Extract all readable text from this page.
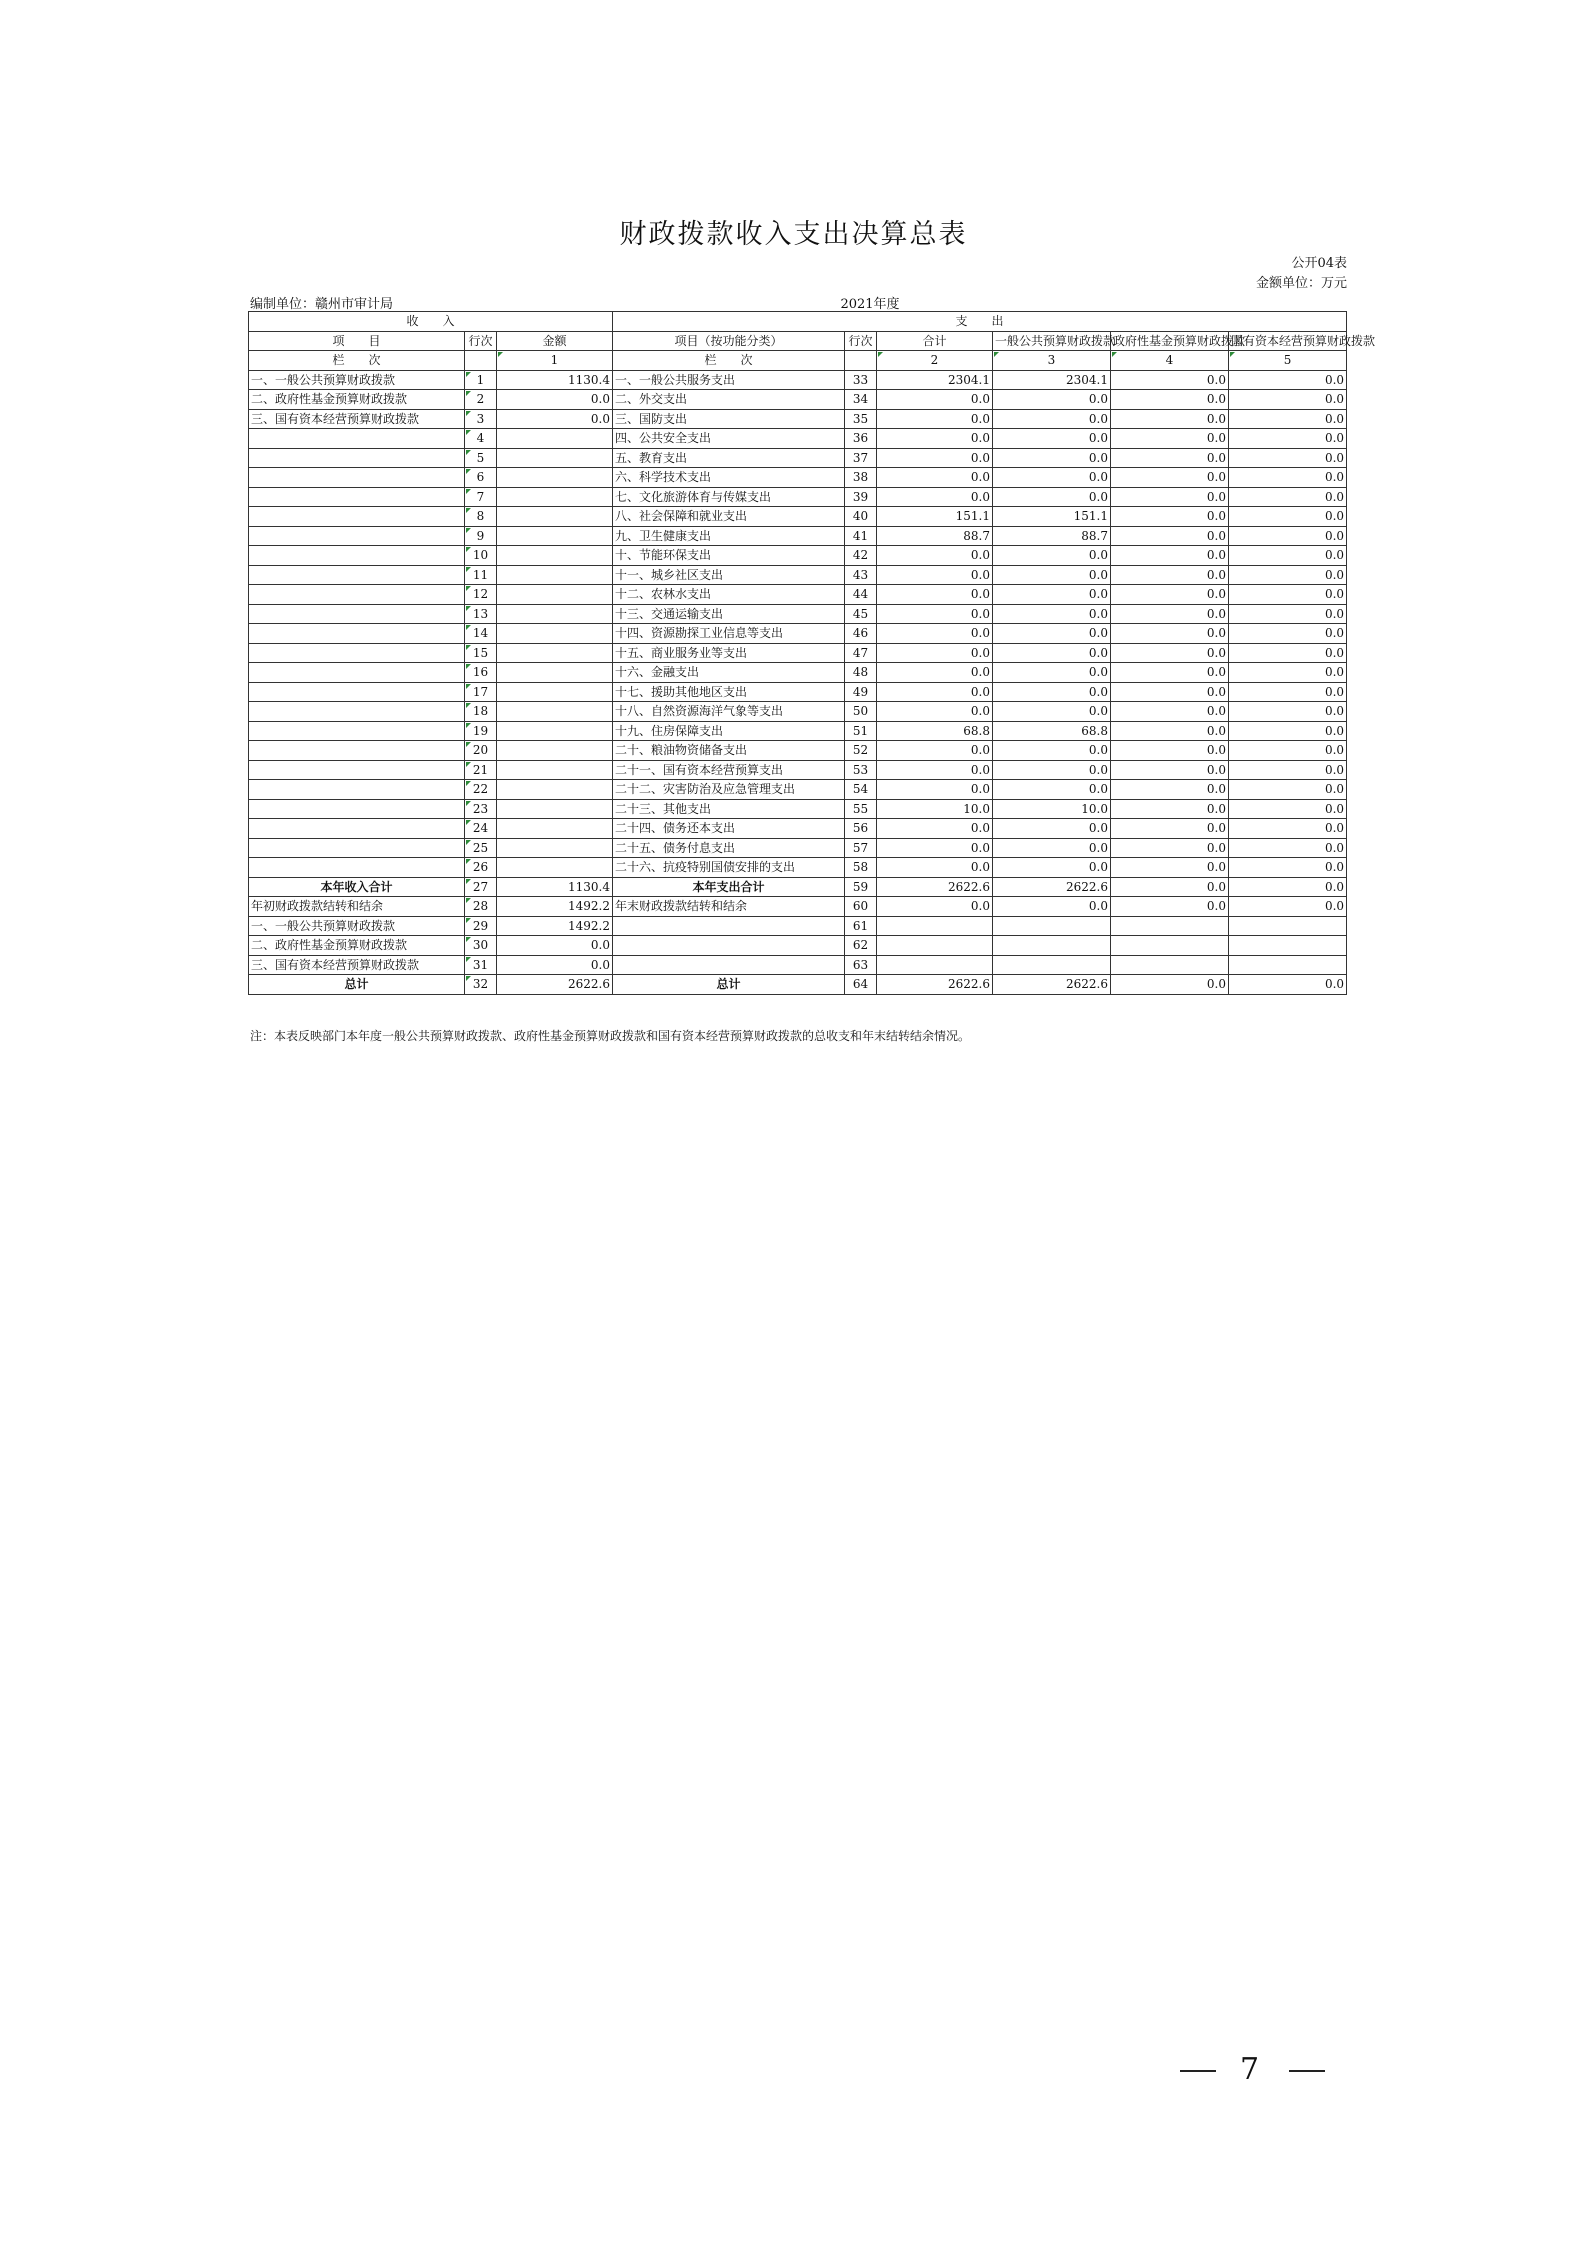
财政拨款收入支出决算总表
公开04表
金额单位：万元
编制单位：赣州市审计局	2021年度
收　　入			支　　出					
项　　目	行次	金额	项目（按功能分类）	行次	合计	一般公共预算财政拨款	政府性基金预算财政拨款	国有资本经营预算财政拨款
栏　　次		1	栏　　次		2	3	4	5
一、一般公共预算财政拨款	1	1130.4	一、一般公共服务支出	33	2304.1	2304.1	0.0	0.0
二、政府性基金预算财政拨款	2	0.0	二、外交支出	34	0.0	0.0	0.0	0.0
三、国有资本经营预算财政拨款	3	0.0	三、国防支出	35	0.0	0.0	0.0	0.0
	4		四、公共安全支出	36	0.0	0.0	0.0	0.0
	5		五、教育支出	37	0.0	0.0	0.0	0.0
	6		六、科学技术支出	38	0.0	0.0	0.0	0.0
	7		七、文化旅游体育与传媒支出	39	0.0	0.0	0.0	0.0
	8		八、社会保障和就业支出	40	151.1	151.1	0.0	0.0
	9		九、卫生健康支出	41	88.7	88.7	0.0	0.0
	10		十、节能环保支出	42	0.0	0.0	0.0	0.0
	11		十一、城乡社区支出	43	0.0	0.0	0.0	0.0
	12		十二、农林水支出	44	0.0	0.0	0.0	0.0
	13		十三、交通运输支出	45	0.0	0.0	0.0	0.0
	14		十四、资源勘探工业信息等支出	46	0.0	0.0	0.0	0.0
	15		十五、商业服务业等支出	47	0.0	0.0	0.0	0.0
	16		十六、金融支出	48	0.0	0.0	0.0	0.0
	17		十七、援助其他地区支出	49	0.0	0.0	0.0	0.0
	18		十八、自然资源海洋气象等支出	50	0.0	0.0	0.0	0.0
	19		十九、住房保障支出	51	68.8	68.8	0.0	0.0
	20		二十、粮油物资储备支出	52	0.0	0.0	0.0	0.0
	21		二十一、国有资本经营预算支出	53	0.0	0.0	0.0	0.0
	22		二十二、灾害防治及应急管理支出	54	0.0	0.0	0.0	0.0
	23		二十三、其他支出	55	10.0	10.0	0.0	0.0
	24		二十四、债务还本支出	56	0.0	0.0	0.0	0.0
	25		二十五、债务付息支出	57	0.0	0.0	0.0	0.0
	26		二十六、抗疫特别国债安排的支出	58	0.0	0.0	0.0	0.0
本年收入合计	27	1130.4	本年支出合计	59	2622.6	2622.6	0.0	0.0
年初财政拨款结转和结余	28	1492.2	年末财政拨款结转和结余	60	0.0	0.0	0.0	0.0
一、一般公共预算财政拨款	29	1492.2		61				
二、政府性基金预算财政拨款	30	0.0		62				
三、国有资本经营预算财政拨款	31	0.0		63				
总计	32	2622.6	总计	64	2622.6	2622.6	0.0	0.0
注：本表反映部门本年度一般公共预算财政拨款、政府性基金预算财政拨款和国有资本经营预算财政拨款的总收支和年末结转结余情况。
7
